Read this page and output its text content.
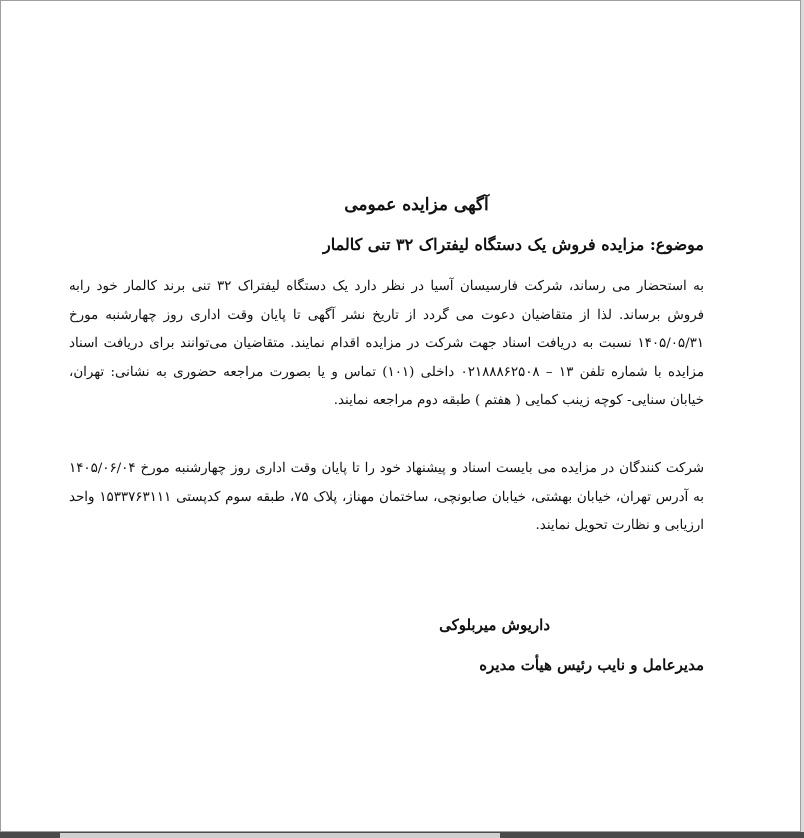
آگهی مزایده عمومی

موضوع: مزایده فروش یک دستگاه لیفتراک ۳۲ تنی کالمار

به استحضار می رساند، شرکت فارسیسان آسیا در نظر دارد یک دستگاه لیفتراک ۳۲ تنی برند کالمار خود رابه فروش برساند. لذا از متقاضیان دعوت می گردد از تاریخ نشر آگهی تا پایان وقت اداری روز چهارشنبه مورخ ۱۴۰۵/۰۵/۳۱ نسبت به دریافت اسناد جهت شرکت در مزایده اقدام نمایند. متقاضیان می‌توانند برای دریافت اسناد مزایده با شماره تلفن ۱۳ – ۰۲۱۸۸۸۶۲۵۰۸ داخلی (۱۰۱) تماس و یا بصورت مراجعه حضوری به نشانی: تهران، خیابان سنایی- کوچه زینب کمایی ( هفتم ) طبقه دوم مراجعه نمایند.

شرکت کنندگان در مزایده می بایست اسناد و پیشنهاد خود را تا پایان وقت اداری روز چهارشنبه مورخ ۱۴۰۵/۰۶/۰۴ به آدرس تهران، خیابان بهشتی، خیابان صابونچی، ساختمان مهناز، پلاک ۷۵، طبقه سوم کدپستی ۱۵۳۳۷۶۳۱۱۱ واحد ارزیابی و نظارت تحویل نمایند.

داریوش میربلوکی

مدیرعامل و نایب رئیس هیأت مدیره
